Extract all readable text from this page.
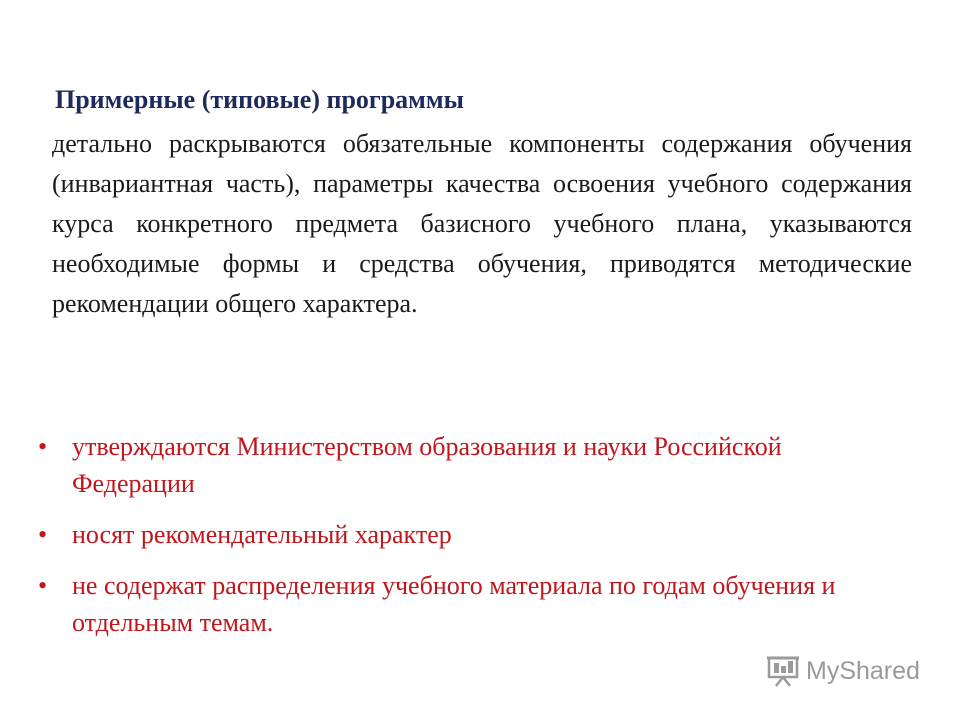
Примерные (типовые) программы
детально раскрываются обязательные компоненты содержания обучения (инвариантная часть), параметры качества освоения учебного содержания курса конкретного предмета базисного учебного плана, указываются необходимые формы и средства обучения, приводятся методические рекомендации общего характера.
• утверждаются Министерством образования и науки Российской Федерации
• носят рекомендательный характер
• не содержат распределения учебного материала по годам обучения и отдельным темам.
MyShared
